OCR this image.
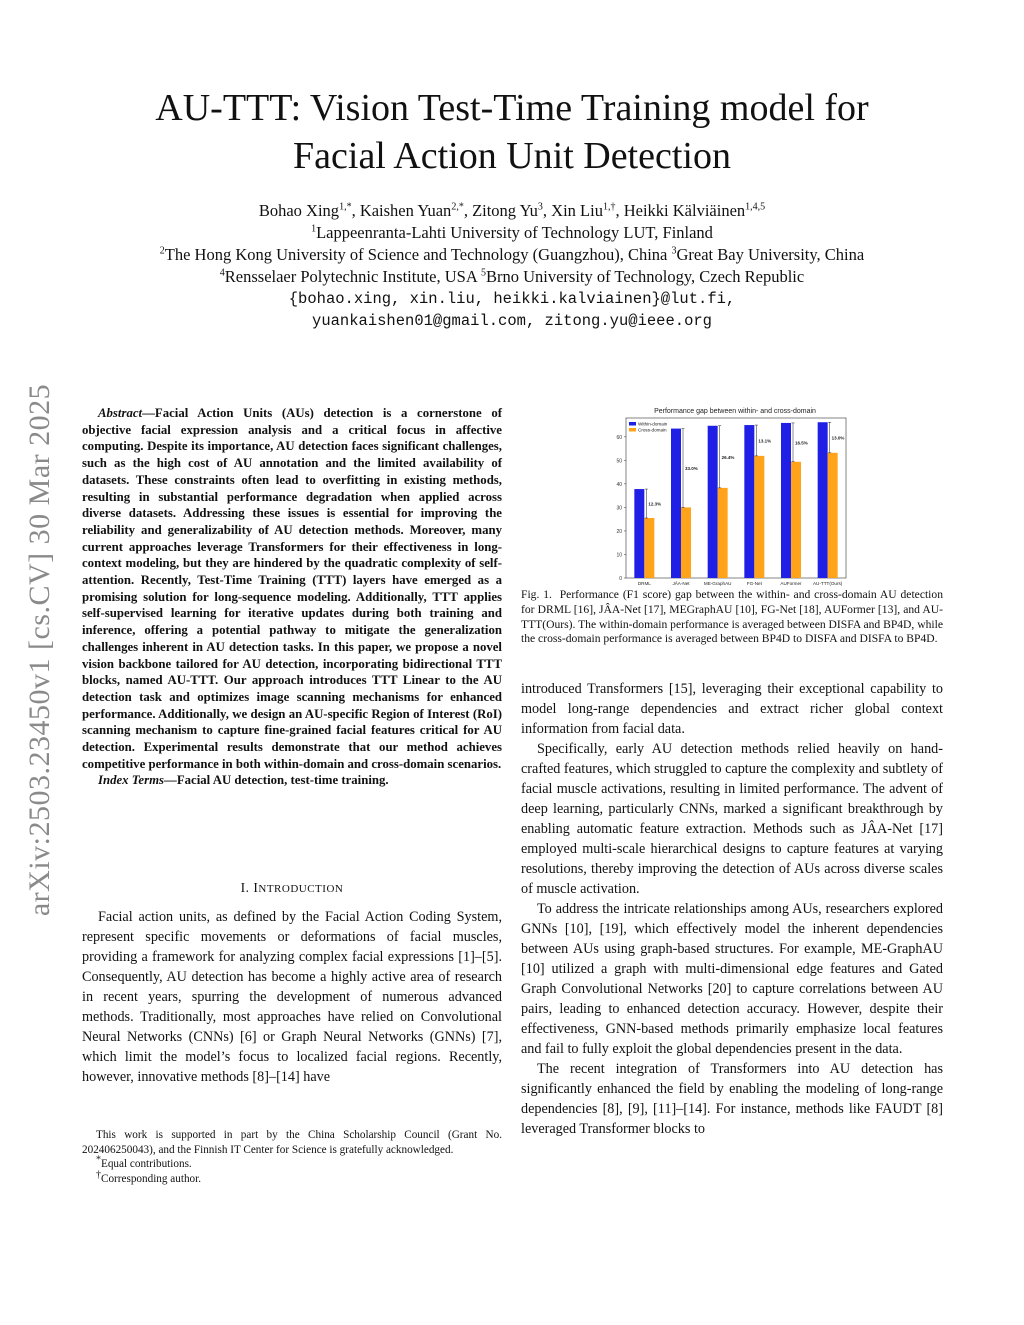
AU-TTT: Vision Test-Time Training model for
Facial Action Unit Detection
Bohao Xing$^{1,*}$, Kaishen Yuan$^{2,*}$, Zitong Yu$^3$, Xin Liu$^{1,\dagger}$, Heikki Kälviäinen$^{1,4,5}$
$^1$Lappeenranta-Lahti University of Technology LUT, Finland
$^2$The Hong Kong University of Science and Technology (Guangzhou), China $^3$Great Bay University, China
$^4$Rensselaer Polytechnic Institute, USA $^5$Brno University of Technology, Czech Republic
{bohao.xing, xin.liu, heikki.kalviainen}@lut.fi,
yuankaishen01@gmail.com, zitong.yu@ieee.org
arXiv:2503.23450v1 [cs.CV] 30 Mar 2025	Abstract—Facial Action Units (AUs) detection is a cornerstone of objective facial expression analysis and a critical focus in affective computing. Despite its importance, AU detection faces significant challenges, such as the high cost of AU annotation and the limited availability of datasets. These constraints often lead to overfitting in existing methods, resulting in substantial performance degradation when applied across diverse datasets. Addressing these issues is essential for improving the reliability and generalizability of AU detection methods. Moreover, many current approaches leverage Transformers for their effectiveness in long-context modeling, but they are hindered by the quadratic complexity of self-attention. Recently, Test-Time Training (TTT) layers have emerged as a promising solution for long-sequence modeling. Additionally, TTT applies self-supervised learning for iterative updates during both training and inference, offering a potential pathway to mitigate the generalization challenges inherent in AU detection tasks. In this paper, we propose a novel vision backbone tailored for AU detection, incorporating bidirectional TTT blocks, named AU-TTT. Our approach introduces TTT Linear to the AU detection task and optimizes image scanning mechanisms for enhanced performance. Additionally, we design an AU-specific Region of Interest (RoI) scanning mechanism to capture fine-grained facial features critical for AU detection. Experimental results demonstrate that our method achieves competitive performance in both within-domain and cross-domain scenarios.

Index Terms—Facial AU detection, test-time training.

I. INTRODUCTION

Facial action units, as defined by the Facial Action Coding System, represent specific movements or deformations of facial muscles, providing a framework for analyzing complex facial expressions [1]–[5]. Consequently, AU detection has become a highly active area of research in recent years, spurring the development of numerous advanced methods. Traditionally, most approaches have relied on Convolutional Neural Networks (CNNs) [6] or Graph Neural Networks (GNNs) [7], which limit the model’s focus to localized facial regions. Recently, however, innovative methods [8]–[14] have

This work is supported in part by the China Scholarship Council (Grant No. 202406250043), and the Finnish IT Center for Science is gratefully acknowledged.

*Equal contributions.

†Corresponding author.

Performance gap between within- and cross-domain
0
10
20
30
40
50
60
DRML	JÂA-Net	ME-GraphAU	FG-Net	AUFormer AU-TTT(Ours)
12.3%
33.0%
26.4%
13.1%	16.5%
13.0%
Within-domain
Cross-domain
Fig. 1. Performance (F1 score) gap between the within- and cross-domain AU detection for DRML [16], JÂA-Net [17], MEGraphAU [10], FG-Net [18], AUFormer [13], and AU-TTT(Ours). The within-domain performance is averaged between DISFA and BP4D, while the cross-domain performance is averaged between BP4D to DISFA and DISFA to BP4D.

introduced Transformers [15], leveraging their exceptional capability to model long-range dependencies and extract richer global context information from facial data.

Specifically, early AU detection methods relied heavily on hand-crafted features, which struggled to capture the complexity and subtlety of facial muscle activations, resulting in limited performance. The advent of deep learning, particularly CNNs, marked a significant breakthrough by enabling automatic feature extraction. Methods such as JÂA-Net [17] employed multi-scale hierarchical designs to capture features at varying resolutions, thereby improving the detection of AUs across diverse scales of muscle activation.

To address the intricate relationships among AUs, researchers explored GNNs [10], [19], which effectively model the inherent dependencies between AUs using graph-based structures. For example, ME-GraphAU [10] utilized a graph with multi-dimensional edge features and Gated Graph Convolutional Networks [20] to capture correlations between AU pairs, leading to enhanced detection accuracy. However, despite their effectiveness, GNN-based methods primarily emphasize local features and fail to fully exploit the global dependencies present in the data.

The recent integration of Transformers into AU detection has significantly enhanced the field by enabling the modeling of long-range dependencies [8], [9], [11]–[14]. For instance, methods like FAUDT [8] leveraged Transformer blocks to
